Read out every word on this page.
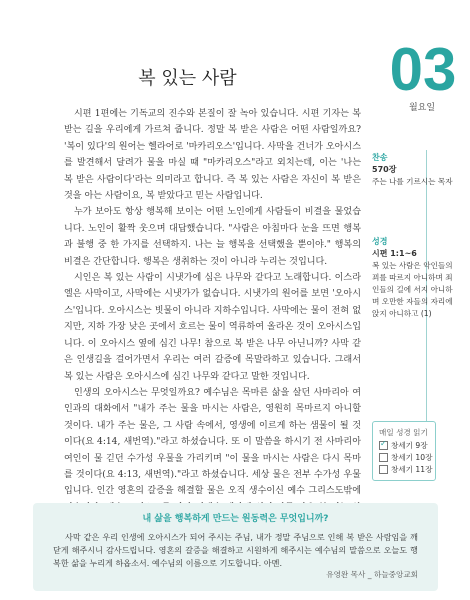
복 있는 사람	03
월요일

시편 1편에는 기독교의 진수와 본질이 잘 녹아 있습니다. 시편 기자는 복 받는 길을 우리에게 가르쳐 줍니다. 정말 복 받은 사람은 어떤 사람일까요? '복이 있다'의 원어는 헬라어로 '마카리오스'입니다. 사막을 건너가 오아시스를 발견해서 달려가 물을 마실 때 "마카리오스"라고 외치는데, 이는 '나는 복 받은 사람이다'라는 의미라고 합니다. 즉 복 있는 사람은 자신이 복 받은 것을 아는 사람이요, 복 받았다고 믿는 사람입니다.

누가 보아도 항상 행복해 보이는 어떤 노인에게 사람들이 비결을 물었습니다. 노인이 활짝 웃으며 대답했습니다. "사람은 아침마다 눈을 뜨면 행복과 불행 중 한 가지를 선택하지. 나는 늘 행복을 선택했을 뿐이야." 행복의 비결은 간단합니다. 행복은 생취하는 것이 아니라 누리는 것입니다.

시인은 복 있는 사람이 시냇가에 심은 나무와 같다고 노래합니다. 이스라엘은 사막이고, 사막에는 시냇가가 없습니다. 시냇가의 원어를 보면 '오아시스'입니다. 오아시스는 빗물이 아니라 지하수입니다. 사막에는 물이 전혀 없지만, 지하 가장 낮은 곳에서 흐르는 물이 역류하여 올라온 것이 오아시스입니다. 이 오아시스 옆에 심긴 나무! 참으로 복 받은 나무 아닌니까? 사막 같은 인생길을 걸어가면서 우리는 여러 갈증에 목말라하고 있습니다. 그래서 복 있는 사람은 오아시스에 심긴 나무와 같다고 말한 것입니다.

인생의 오아시스는 무엇일까요? 예수님은 목마른 삶을 살던 사마리아 여인과의 대화에서 "내가 주는 물을 마시는 사람은, 영원히 목마르지 아니할 것이다. 내가 주는 물은, 그 사람 속에서, 영생에 이르게 하는 샘물이 될 것이다(요 4:14, 새번역)."라고 하셨습니다. 또 이 말씀을 하시기 전 사마리아 여인이 물 긷던 수가성 우물을 가리키며 "이 물을 마시는 사람은 다시 목마를 것이다(요 4:13, 새번역)."라고 하셨습니다. 세상 물은 전부 수가성 우물입니다. 인간 영혼의 갈증을 해결할 물은 오직 생수이신 예수 그리스도밖에

찬송
570장
주는 나를 기르시는 목자
성경
시편 1:1~6
복 있는 사람은 악인들의 꾀를 따르지 아니하며 죄인들의 길에 서지 아니하며 오만한 자들의 자리에 앉지 아니하고 (1)
매일 성경 읽기
✓
창세기 9장
창세기 10장
창세기 11장
내 삶을 행복하게 만드는 원동력은 무엇입니까?
사막 같은 우리 인생에 오아시스가 되어 주시는 주님, 내가 정말 주님으로 인해 복 받은 사람임을 깨닫게 해주시니 감사드립니다. 영혼의 갈증을 해결하고 시원하게 해주시는 예수님의 말씀으로 오늘도 행복한 삶을 누리게 하옵소서. 예수님의 이름으로 기도합니다. 아멘.
유영완 목사 _ 하늘중앙교회
